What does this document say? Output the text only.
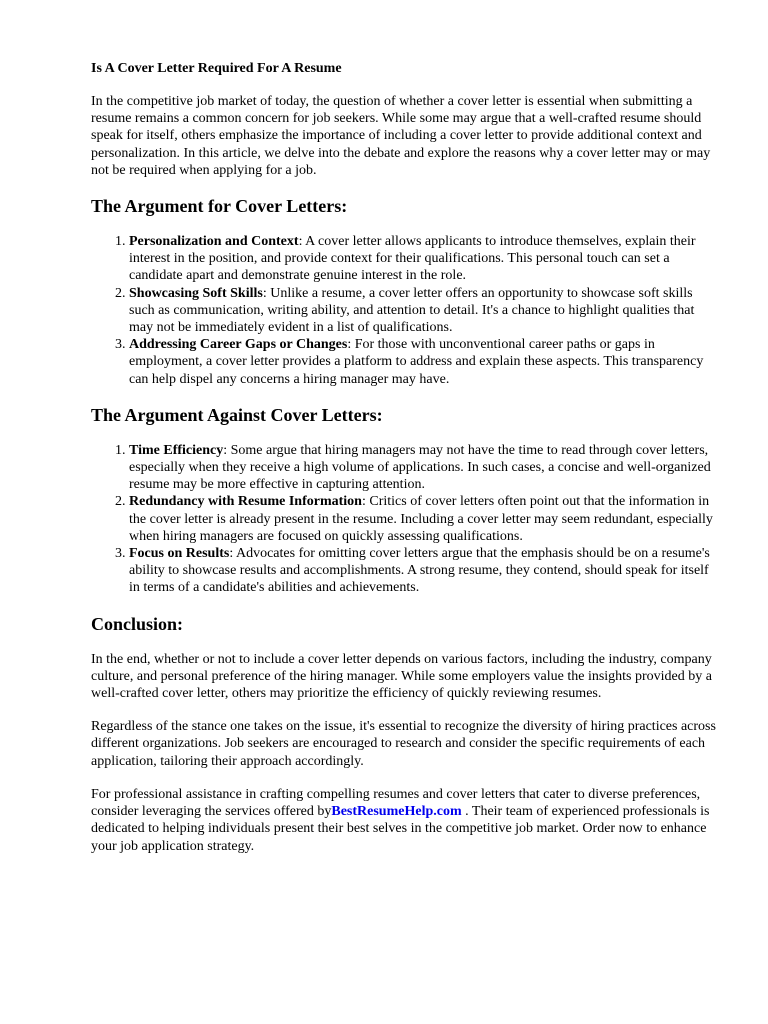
Is A Cover Letter Required For A Resume

In the competitive job market of today, the question of whether a cover letter is essential when submitting a resume remains a common concern for job seekers. While some may argue that a well-crafted resume should speak for itself, others emphasize the importance of including a cover letter to provide additional context and personalization. In this article, we delve into the debate and explore the reasons why a cover letter may or may not be required when applying for a job.

The Argument for Cover Letters:
1. Personalization and Context: A cover letter allows applicants to introduce themselves, explain their interest in the position, and provide context for their qualifications. This personal touch can set a candidate apart and demonstrate genuine interest in the role.
2. Showcasing Soft Skills: Unlike a resume, a cover letter offers an opportunity to showcase soft skills such as communication, writing ability, and attention to detail. It's a chance to highlight qualities that may not be immediately evident in a list of qualifications.
3. Addressing Career Gaps or Changes: For those with unconventional career paths or gaps in employment, a cover letter provides a platform to address and explain these aspects. This transparency can help dispel any concerns a hiring manager may have.
The Argument Against Cover Letters:
1. Time Efficiency: Some argue that hiring managers may not have the time to read through cover letters, especially when they receive a high volume of applications. In such cases, a concise and well-organized resume may be more effective in capturing attention.
2. Redundancy with Resume Information: Critics of cover letters often point out that the information in the cover letter is already present in the resume. Including a cover letter may seem redundant, especially when hiring managers are focused on quickly assessing qualifications.
3. Focus on Results: Advocates for omitting cover letters argue that the emphasis should be on a resume's ability to showcase results and accomplishments. A strong resume, they contend, should speak for itself in terms of a candidate's abilities and achievements.
Conclusion:

In the end, whether or not to include a cover letter depends on various factors, including the industry, company culture, and personal preference of the hiring manager. While some employers value the insights provided by a well-crafted cover letter, others may prioritize the efficiency of quickly reviewing resumes.

Regardless of the stance one takes on the issue, it's essential to recognize the diversity of hiring practices across different organizations. Job seekers are encouraged to research and consider the specific requirements of each application, tailoring their approach accordingly.

For professional assistance in crafting compelling resumes and cover letters that cater to diverse preferences, consider leveraging the services offered byBestResumeHelp.com . Their team of experienced professionals is dedicated to helping individuals present their best selves in the competitive job market. Order now to enhance your job application strategy.
